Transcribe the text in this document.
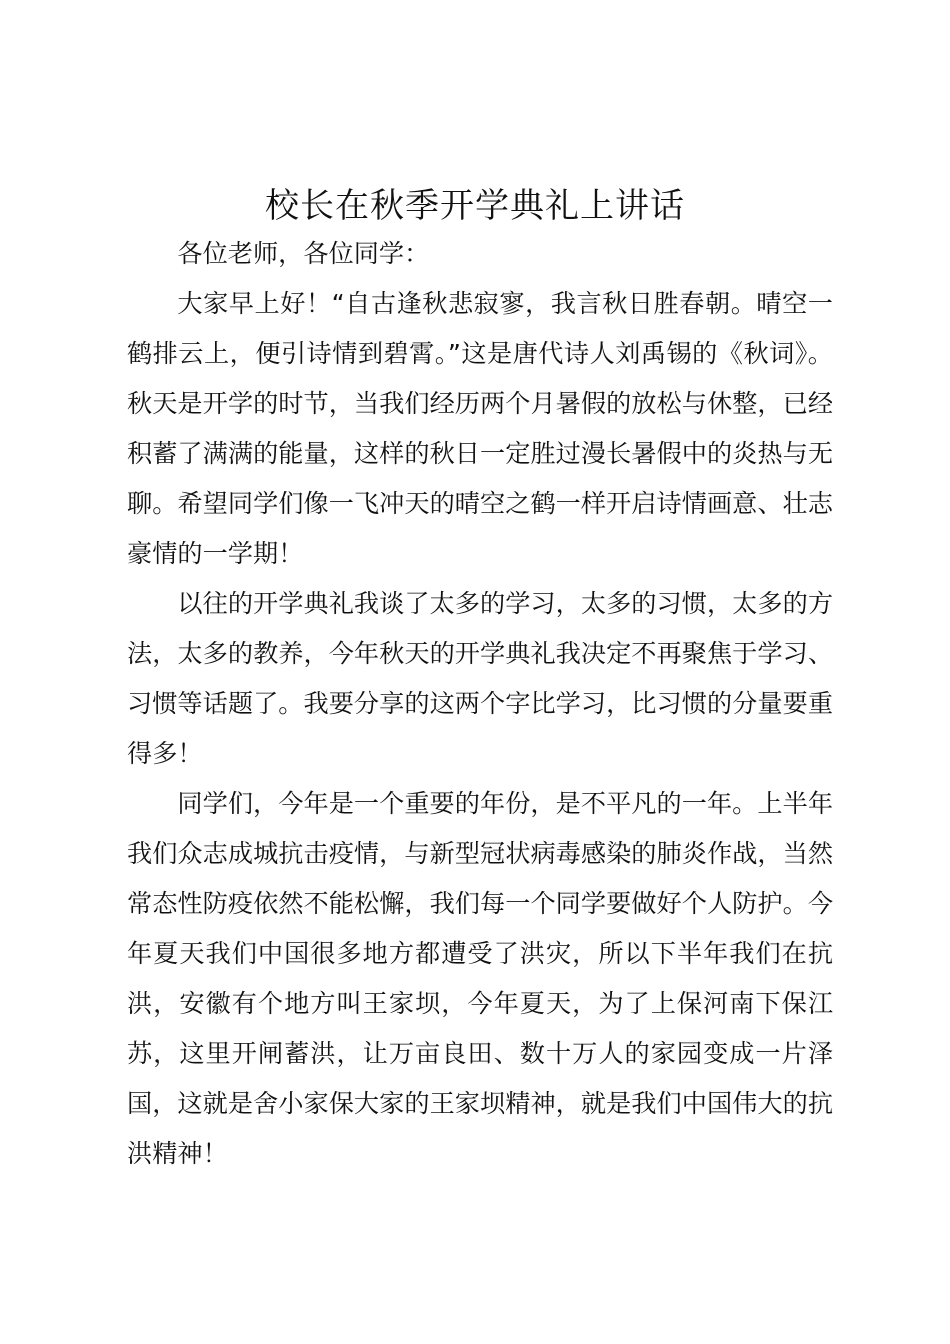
校长在秋季开学典礼上讲话

各位老师，各位同学：

大家早上好！“自古逢秋悲寂寥，我言秋日胜春朝。晴空一鹤排云上，便引诗情到碧霄。”这是唐代诗人刘禹锡的《秋词》。秋天是开学的时节，当我们经历两个月暑假的放松与休整，已经积蓄了满满的能量，这样的秋日一定胜过漫长暑假中的炎热与无聊。希望同学们像一飞冲天的晴空之鹤一样开启诗情画意、壮志豪情的一学期！

以往的开学典礼我谈了太多的学习，太多的习惯，太多的方法，太多的教养，今年秋天的开学典礼我决定不再聚焦于学习、习惯等话题了。我要分享的这两个字比学习，比习惯的分量要重得多！

同学们，今年是一个重要的年份，是不平凡的一年。上半年我们众志成城抗击疫情，与新型冠状病毒感染的肺炎作战，当然常态性防疫依然不能松懈，我们每一个同学要做好个人防护。今年夏天我们中国很多地方都遭受了洪灾，所以下半年我们在抗洪，安徽有个地方叫王家坝，今年夏天，为了上保河南下保江苏，这里开闸蓄洪，让万亩良田、数十万人的家园变成一片泽国，这就是舍小家保大家的王家坝精神，就是我们中国伟大的抗洪精神！
